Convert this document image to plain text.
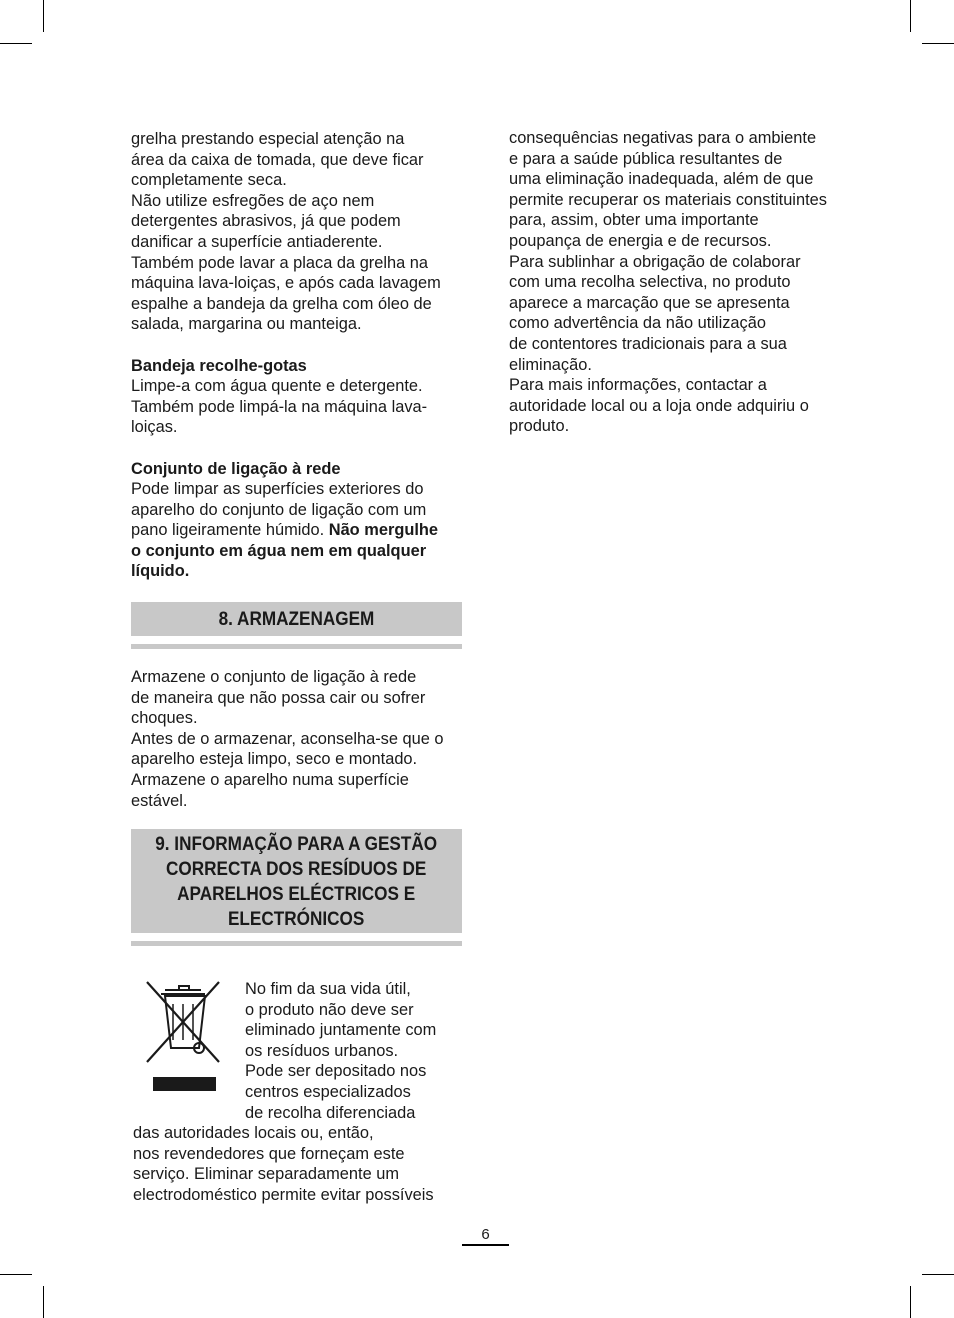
grelha prestando especial atenção na
área da caixa de tomada, que deve ficar
completamente seca.
Não utilize esfregões de aço nem
detergentes abrasivos, já que podem
danificar a superfície antiaderente.
Também pode lavar a placa da grelha na
máquina lava-loiças, e após cada lavagem
espalhe a bandeja da grelha com óleo de
salada, margarina ou manteiga.

Bandeja recolhe-gotas

Limpe-a com água quente e detergente.
Também pode limpá-la na máquina lava-
loiças.

Conjunto de ligação à rede

Pode limpar as superfícies exteriores do
aparelho do conjunto de ligação com um
pano ligeiramente húmido. Não mergulhe
o conjunto em água nem em qualquer
líquido.

8. ARMAZENAGEM
Armazene o conjunto de ligação à rede
de maneira que não possa cair ou sofrer
choques.
Antes de o armazenar, aconselha-se que o
aparelho esteja limpo, seco e montado.
Armazene o aparelho numa superfície
estável.
9. INFORMAÇÃO PARA A GESTÃO
CORRECTA DOS RESÍDUOS DE
APARELHOS ELÉCTRICOS E
ELECTRÓNICOS
No fim da sua vida útil,
o produto não deve ser
eliminado juntamente com
os resíduos urbanos.
Pode ser depositado nos
centros especializados
de recolha diferenciada
das autoridades locais ou, então,
nos revendedores que forneçam este
serviço. Eliminar separadamente um
electrodoméstico permite evitar possíveis

consequências negativas para o ambiente
e para a saúde pública resultantes de
uma eliminação inadequada, além de que
permite recuperar os materiais constituintes
para, assim, obter uma importante
poupança de energia e de recursos.
Para sublinhar a obrigação de colaborar
com uma recolha selectiva, no produto
aparece a marcação que se apresenta
como advertência da não utilização
de contentores tradicionais para a sua
eliminação.
Para mais informações, contactar a
autoridade local ou a loja onde adquiriu o
produto.

6
